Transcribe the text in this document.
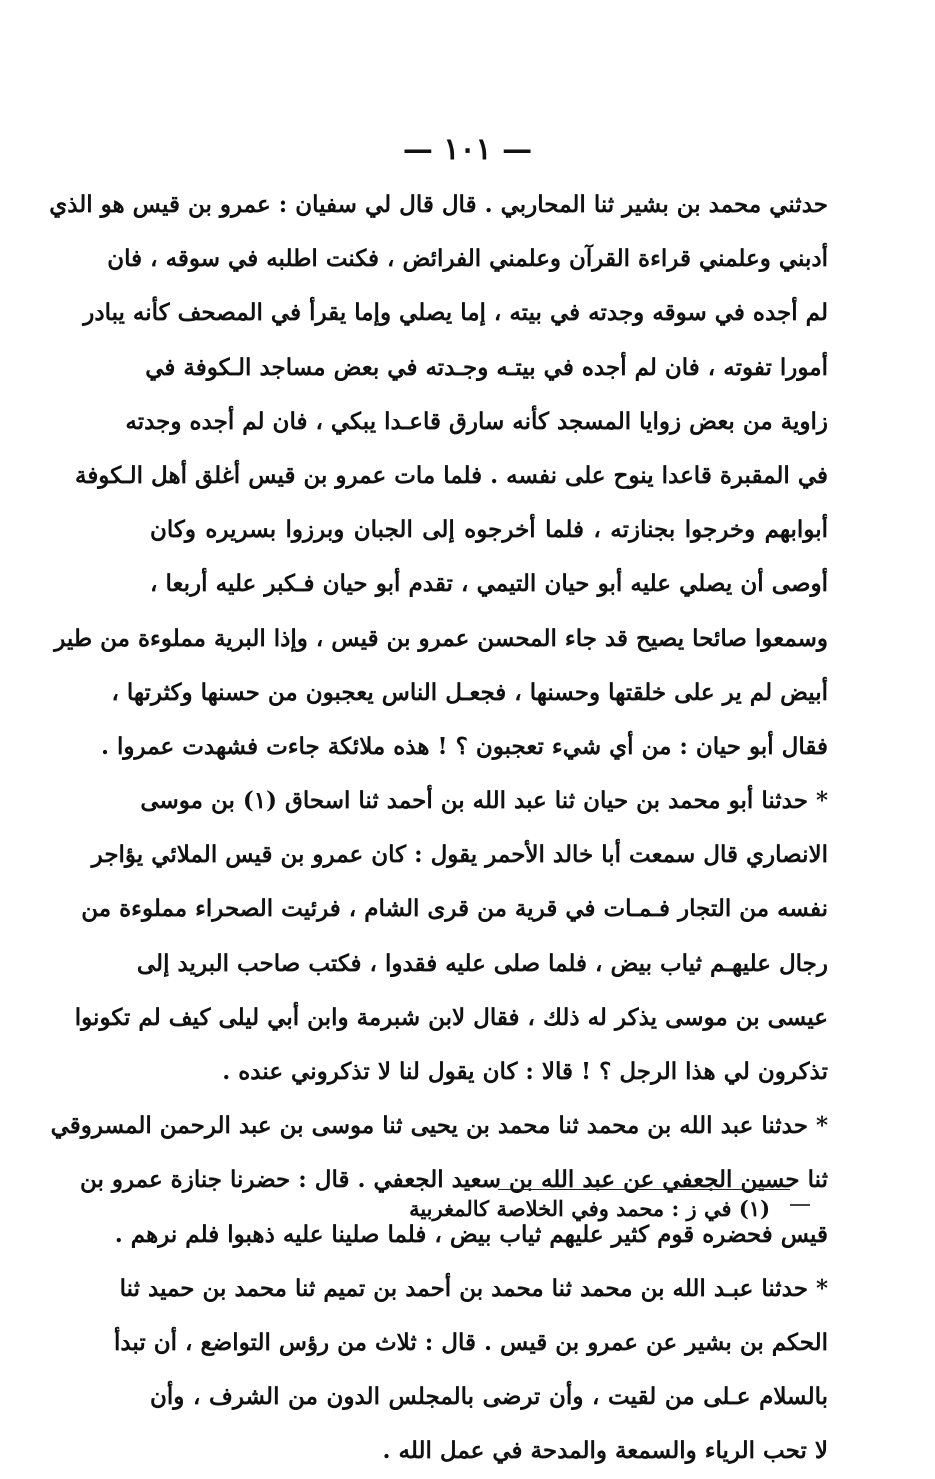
— ١٠١ —
حدثني محمد بن بشير ثنا المحاربي . قال قال لي سفيان : عمرو بن قيس هو الذي
أدبني وعلمني قراءة القرآن وعلمني الفرائض ، فكنت اطلبه في سوقه ، فان
لم أجده في سوقه وجدته في بيته ، إما يصلي وإما يقرأ في المصحف كأنه يبادر
أمورا تفوته ، فان لم أجده في بيتـه وجـدته في بعض مساجد الـكوفة في
زاوية من بعض زوايا المسجد كأنه سارق قاعـدا يبكي ، فان لم أجده وجدته
في المقبرة قاعدا ينوح على نفسه . فلما مات عمرو بن قيس أغلق أهل الـكوفة
أبوابهم وخرجوا بجنازته ، فلما أخرجوه إلى الجبان وبرزوا بسريره وكان
أوصى أن يصلي عليه أبو حيان التيمي ، تقدم أبو حيان فـكبر عليه أربعا ،
وسمعوا صائحا يصيح قد جاء المحسن عمرو بن قيس ، وإذا البرية مملوءة من طير
أبيض لم ير على خلقتها وحسنها ، فجعـل الناس يعجبون من حسنها وكثرتها ،
فقال أبو حيان : من أي شيء تعجبون ؟ ! هذه ملائكة جاءت فشهدت عمروا .
* حدثنا أبو محمد بن حيان ثنا عبد الله بن أحمد ثنا اسحاق (١) بن موسى
الانصاري قال سمعت أبا خالد الأحمر يقول : كان عمرو بن قيس الملائي يؤاجر
نفسه من التجار فـمـات في قرية من قرى الشام ، فرئيت الصحراء مملوءة من
رجال عليهـم ثياب بيض ، فلما صلى عليه فقدوا ، فكتب صاحب البريد إلى
عيسى بن موسى يذكر له ذلك ، فقال لابن شبرمة وابن أبي ليلى كيف لم تكونوا
تذكرون لي هذا الرجل ؟ ! قالا : كان يقول لنا لا تذكروني عنده .
* حدثنا عبد الله بن محمد ثنا محمد بن يحيى ثنا موسى بن عبد الرحمن المسروقي
ثنا حسين الجعفي عن عبد الله بن سعيد الجعفي . قال : حضرنا جنازة عمرو بن
قيس فحضره قوم كثير عليهم ثياب بيض ، فلما صلينا عليه ذهبوا فلم نرهم .
* حدثنا عبـد الله بن محمد ثنا محمد بن أحمد بن تميم ثنا محمد بن حميد ثنا
الحكم بن بشير عن عمرو بن قيس . قال : ثلاث من رؤس التواضع ، أن تبدأ
بالسلام عـلى من لقيت ، وأن ترضى بالمجلس الدون من الشرف ، وأن
لا تحب الرياء والسمعة والمدحة في عمل الله .
(١) في ز : محمد وفي الخلاصة كالمغربية
